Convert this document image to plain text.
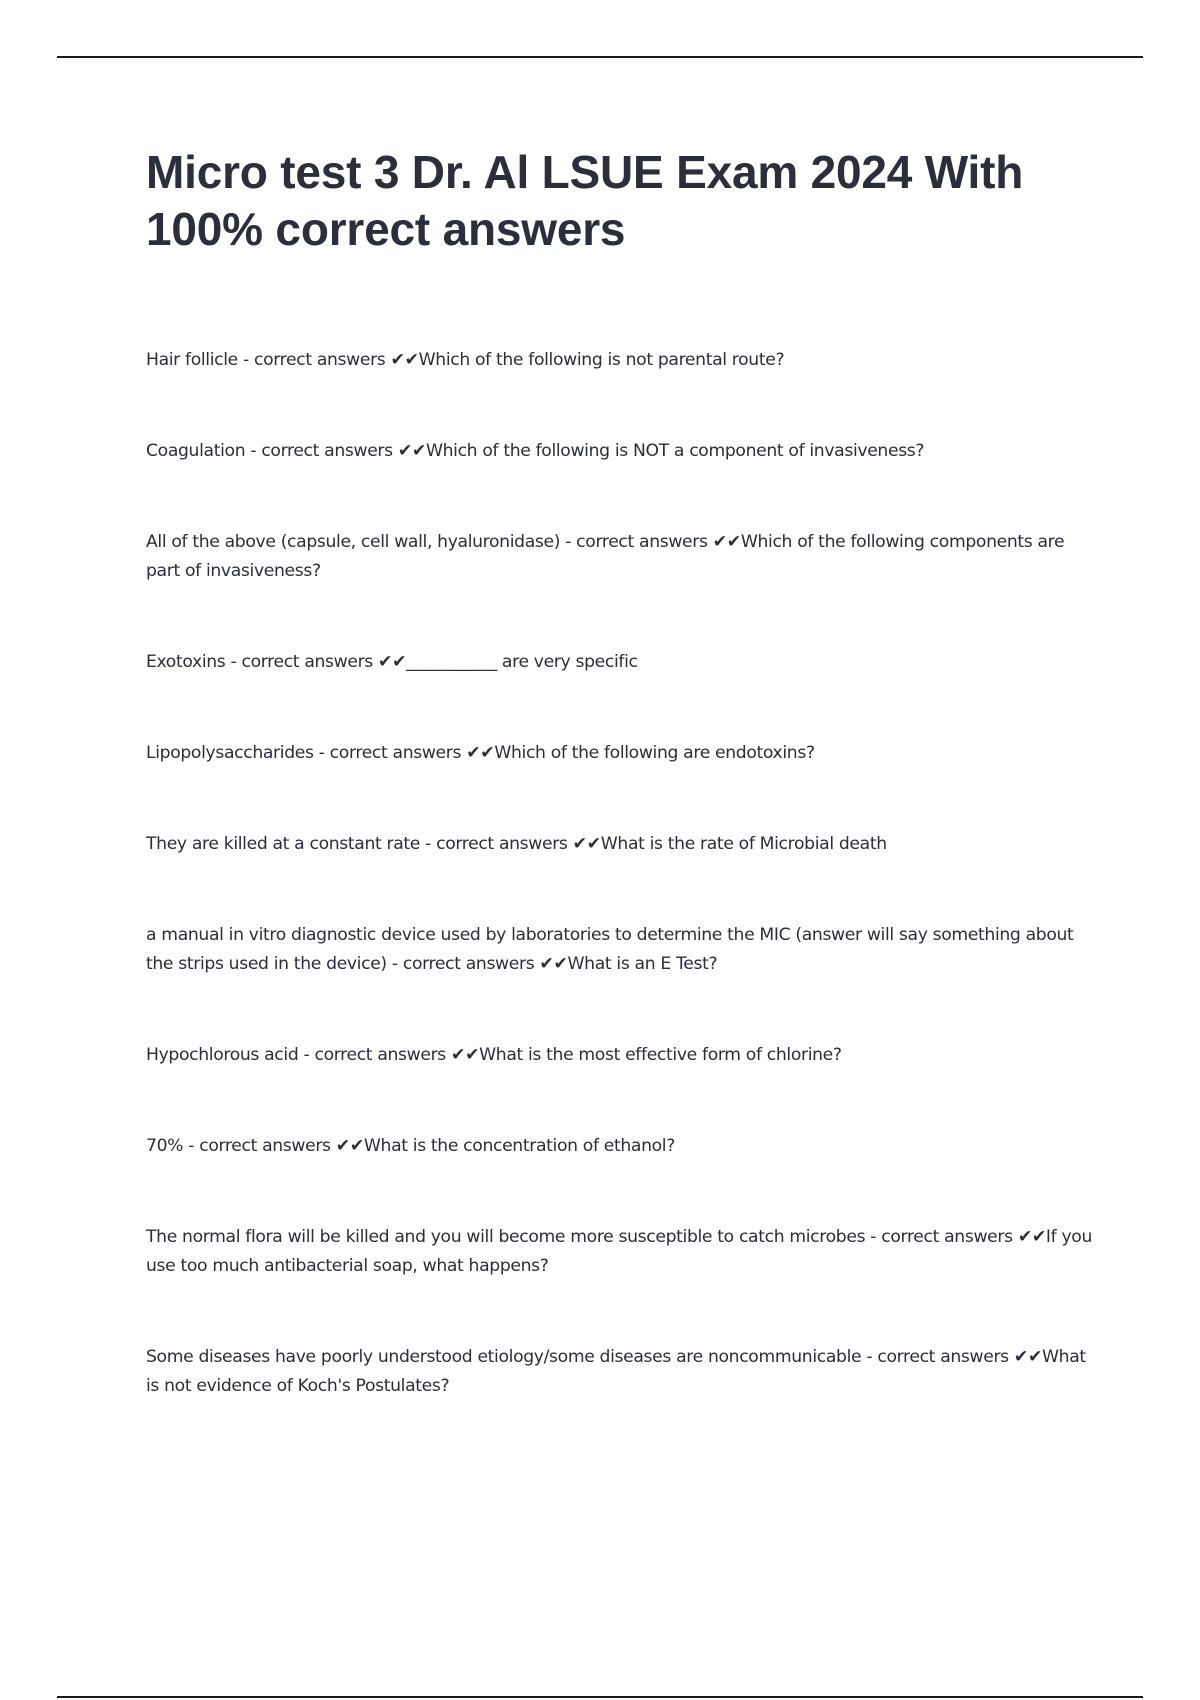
Micro test 3 Dr. Al LSUE Exam 2024 With 100% correct answers
Hair follicle - correct answers ✔✔Which of the following is not parental route?
Coagulation - correct answers ✔✔Which of the following is NOT a component of invasiveness?
All of the above (capsule, cell wall, hyaluronidase) - correct answers ✔✔Which of the following components are part of invasiveness?
Exotoxins - correct answers ✔✔___________ are very specific
Lipopolysaccharides - correct answers ✔✔Which of the following are endotoxins?
They are killed at a constant rate - correct answers ✔✔What is the rate of Microbial death
a manual in vitro diagnostic device used by laboratories to determine the MIC (answer will say something about the strips used in the device) - correct answers ✔✔What is an E Test?
Hypochlorous acid - correct answers ✔✔What is the most effective form of chlorine?
70% - correct answers ✔✔What is the concentration of ethanol?
The normal flora will be killed and you will become more susceptible to catch microbes - correct answers ✔✔If you use too much antibacterial soap, what happens?
Some diseases have poorly understood etiology/some diseases are noncommunicable - correct answers ✔✔What is not evidence of Koch's Postulates?
